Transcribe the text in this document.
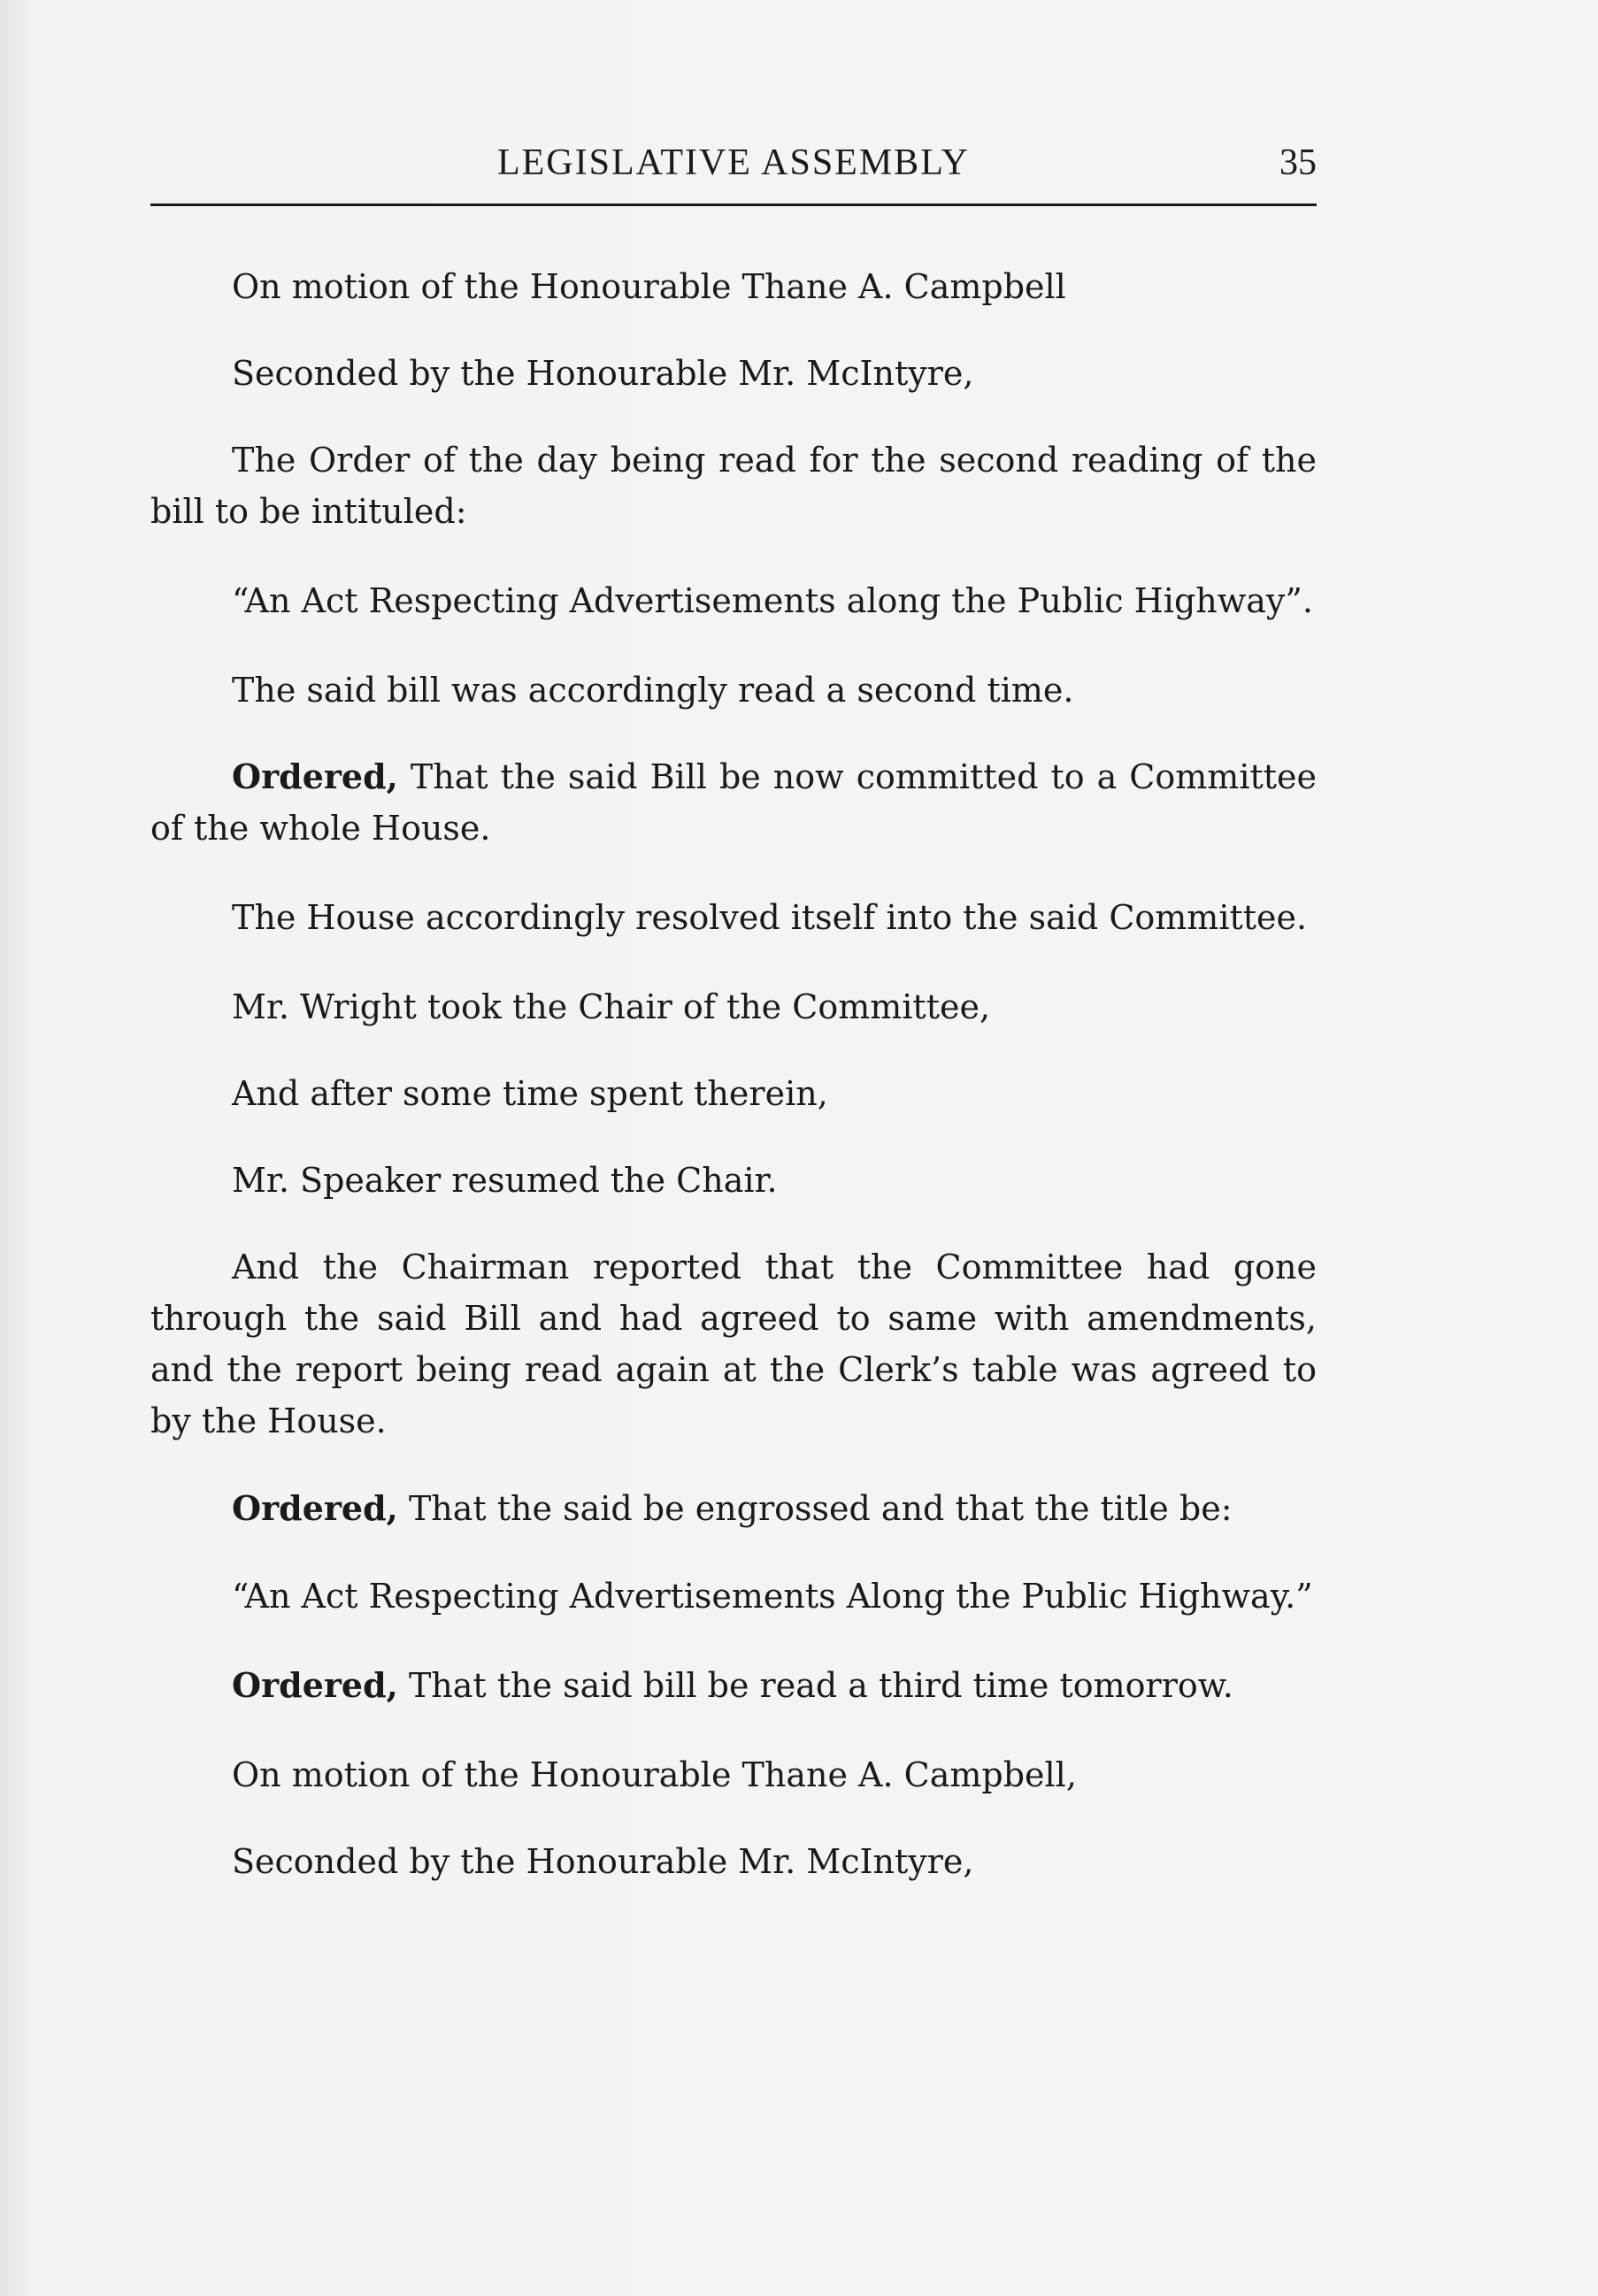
LEGISLATIVE ASSEMBLY	35

On motion of the Honourable Thane A. Campbell

Seconded by the Honourable Mr. McIntyre,

The Order of the day being read for the second reading of the bill to be intituled:

“An Act Respecting Advertisements along the Public Highway”.

The said bill was accordingly read a second time.

Ordered, That the said Bill be now committed to a Committee of the whole House.

The House accordingly resolved itself into the said Committee.

Mr. Wright took the Chair of the Committee,

And after some time spent therein,

Mr. Speaker resumed the Chair.

And the Chairman reported that the Committee had gone through the said Bill and had agreed to same with amendments, and the report being read again at the Clerk’s table was agreed to by the House.

Ordered, That the said be engrossed and that the title be:

“An Act Respecting Advertisements Along the Public Highway.”

Ordered, That the said bill be read a third time tomorrow.

On motion of the Honourable Thane A. Campbell,

Seconded by the Honourable Mr. McIntyre,
